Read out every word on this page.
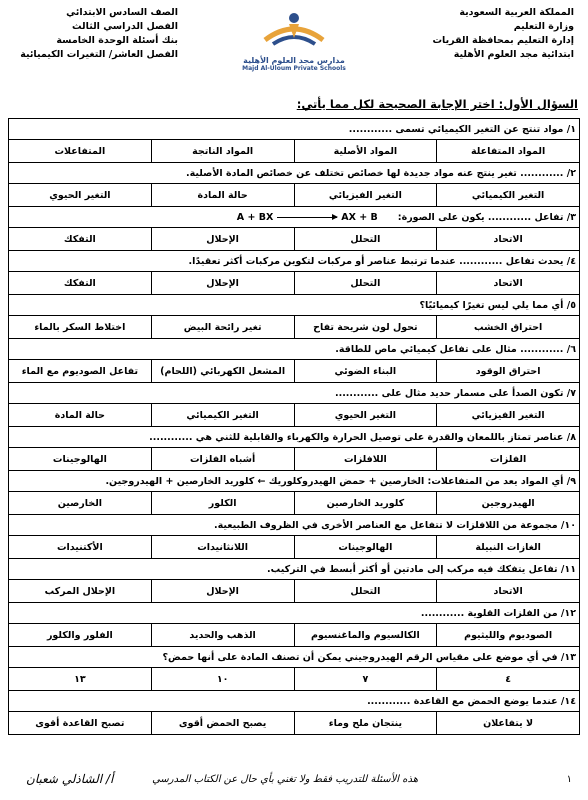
المملكة العربية السعودية
وزارة التعليم
إدارة التعليم بمحافظة القريات
ابتدائية مجد العلوم الأهلية
مدارس مجد العلوم الأهلية
Majd Al-Uloum Private Schools
الصف السادس الابتدائي
الفصل الدراسي الثالث
بنك أسئلة الوحدة الخامسة
الفصل العاشر/ التغيرات الكيميائية
السؤال الأول: اختر الإجابة الصحيحة لكل مما يأتي:
١/ مواد تنتج عن التغير الكيميائي تسمى ............			
المواد المتفاعلة	المواد الأصلية	المواد الناتجة	المتفاعلات
٢/ ............ تغير ينتج عنه مواد جديدة لها خصائص تختلف عن خصائص المادة الأصلية.			
التغير الكيميائي	التغير الفيزيائي	حالة المادة	التغير الحيوي
٣/ تفاعل ............ يكون على الصورة:A + BX AX + B			
الاتحاد	التحلل	الإحلال	التفكك
٤/ يحدث تفاعل ............ عندما ترتبط عناصر أو مركبات لتكوين مركبات أكثر تعقيدًا.			
الاتحاد	التحلل	الإحلال	التفكك
٥/ أي مما يلي ليس تغيرًا كيميائيًا؟			
احتراق الخشب	تحول لون شريحة تفاح	تغير رائحة البيض	اختلاط السكر بالماء
٦/ ............ مثال على تفاعل كيميائي ماص للطاقة.			
احتراق الوقود	البناء الضوئي	المشعل الكهربائي (اللحام)	تفاعل الصوديوم مع الماء
٧/ تكون الصدأ على مسمار حديد مثال على ............			
التغير الفيزيائي	التغير الحيوي	التغير الكيميائي	حالة المادة
٨/ عناصر تمتاز باللمعان والقدرة على توصيل الحرارة والكهرباء والقابلية للثني هي ............			
الفلزات	اللافلزات	أشباه الفلزات	الهالوجينات
٩/ أي المواد يعد من المتفاعلات: الخارصين + حمض الهيدروكلوريك ← كلوريد الخارصين + الهيدروجين.			
الهيدروجين	كلوريد الخارصين	الكلور	الخارصين
١٠/ مجموعة من اللافلزات لا تتفاعل مع العناصر الأخرى في الظروف الطبيعية.			
الغازات النبيلة	الهالوجينات	اللانثانيدات	الأكتنيدات
١١/ تفاعل يتفكك فيه مركب إلى مادتين أو أكثر أبسط في التركيب.			
الاتحاد	التحلل	الإحلال	الإحلال المركب
١٢/ من الفلزات القلوية ............			
الصوديوم والليثيوم	الكالسيوم والماغنسيوم	الذهب والحديد	الفلور والكلور
١٣/ في أي موضع على مقياس الرقم الهيدروجيني يمكن أن تصنف المادة على أنها حمض؟			
٤	٧	١٠	١٣
١٤/ عندما يوضع الحمض مع القاعدة ............			
لا يتفاعلان	ينتجان ملح وماء	يصبح الحمض أقوى	تصبح القاعدة أقوى
١
هذه الأسئلة للتدريب فقط ولا تغني بأي حال عن الكتاب المدرسي
أ/ الشاذلي شعبان
